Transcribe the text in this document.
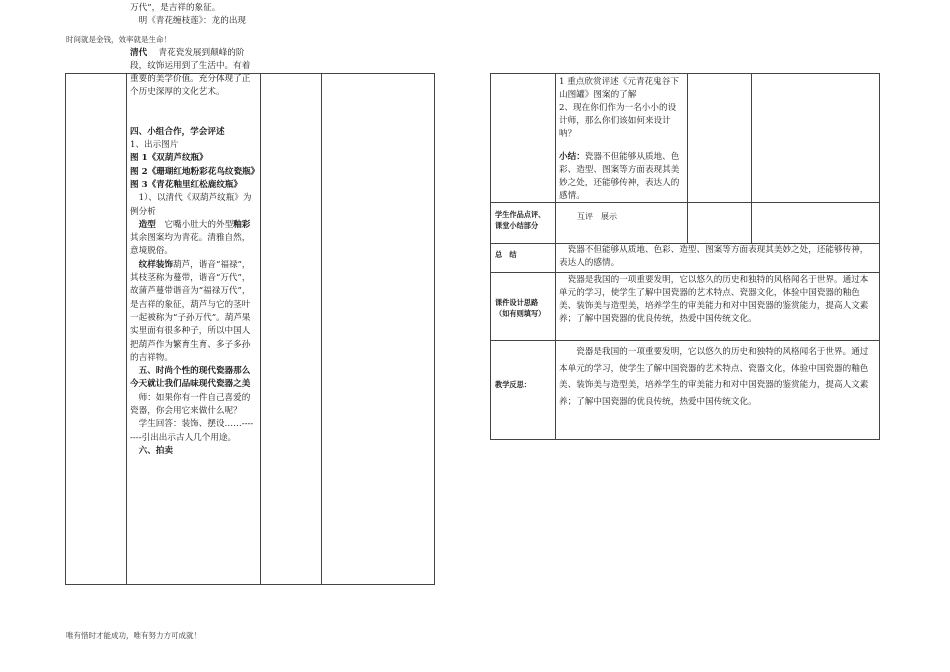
时间就是金钱，效率就是生命！

万代”，是吉祥的象征。

明《青花缠枝莲》：龙的出现

清代　 青花瓷发展到颠峰的阶段，纹饰运用到了生活中。有着重要的美学价值。充分体现了正个历史深厚的文化艺术。

四、小组合作，学会评述

1、出示图片

图 1《双葫芦纹瓶》

图 2《珊瑚红地粉彩花鸟纹瓷瓶》

图 3《青花釉里红松鹿纹瓶》

1）、以清代《双葫芦纹瓶》为例分析

造型　 它嘴小肚大的外型釉彩其余图案均为青花。清雅自然，意境脱俗。

纹样装饰葫芦，谐音“福禄”，其枝茎称为蔓带，谐音“万代”，故蒲芦蔓带谐音为“福禄万代”，是吉祥的象征，葫芦与它的茎叶一起被称为“子孙万代”。葫芦果实里面有很多种子，所以中国人把葫芦作为繁育生育、多子多孙的吉祥物。

五、时尚个性的现代瓷器那么今天就让我们品味现代瓷器之美

师：如果你有一件自己喜爱的瓷器，你会用它来做什么呢？

学生回答：装饰、摆设……--------引出出示古人几个用途。

六、拍卖

1 重点欣赏评述《元青花鬼谷下山图罐》图案的了解

2、现在你们作为一名小小的设计师，那么你们该如何来设计呐？

小结：瓷器不但能够从质地、色彩、造型、图案等方面表现其美妙之处，还能够传神，表达人的感情。

学生作品点评、课堂小结部分
互评　展示
总　结	瓷器不但能够从质地、色彩、造型、图案等方面表现其美妙之处，还能够传神，表达人的感情。
课件设计思路（如有则填写）
瓷器是我国的一项重要发明，它以悠久的历史和独特的风格闻名于世界。通过本单元的学习，使学生了解中国瓷器的艺术特点、瓷器文化，体验中国瓷器的釉色美、装饰美与造型美，培养学生的审美能力和对中国瓷器的鉴赏能力，提高人文素养；了解中国瓷器的优良传统，热爱中国传统文化。
教学反思：
瓷器是我国的一项重要发明，它以悠久的历史和独特的风格闻名于世界。通过本单元的学习，使学生了解中国瓷器的艺术特点、瓷器文化，体验中国瓷器的釉色美、装饰美与造型美，培养学生的审美能力和对中国瓷器的鉴赏能力，提高人文素养；了解中国瓷器的优良传统，热爱中国传统文化。
唯有惜时才能成功，唯有努力方可成就！
